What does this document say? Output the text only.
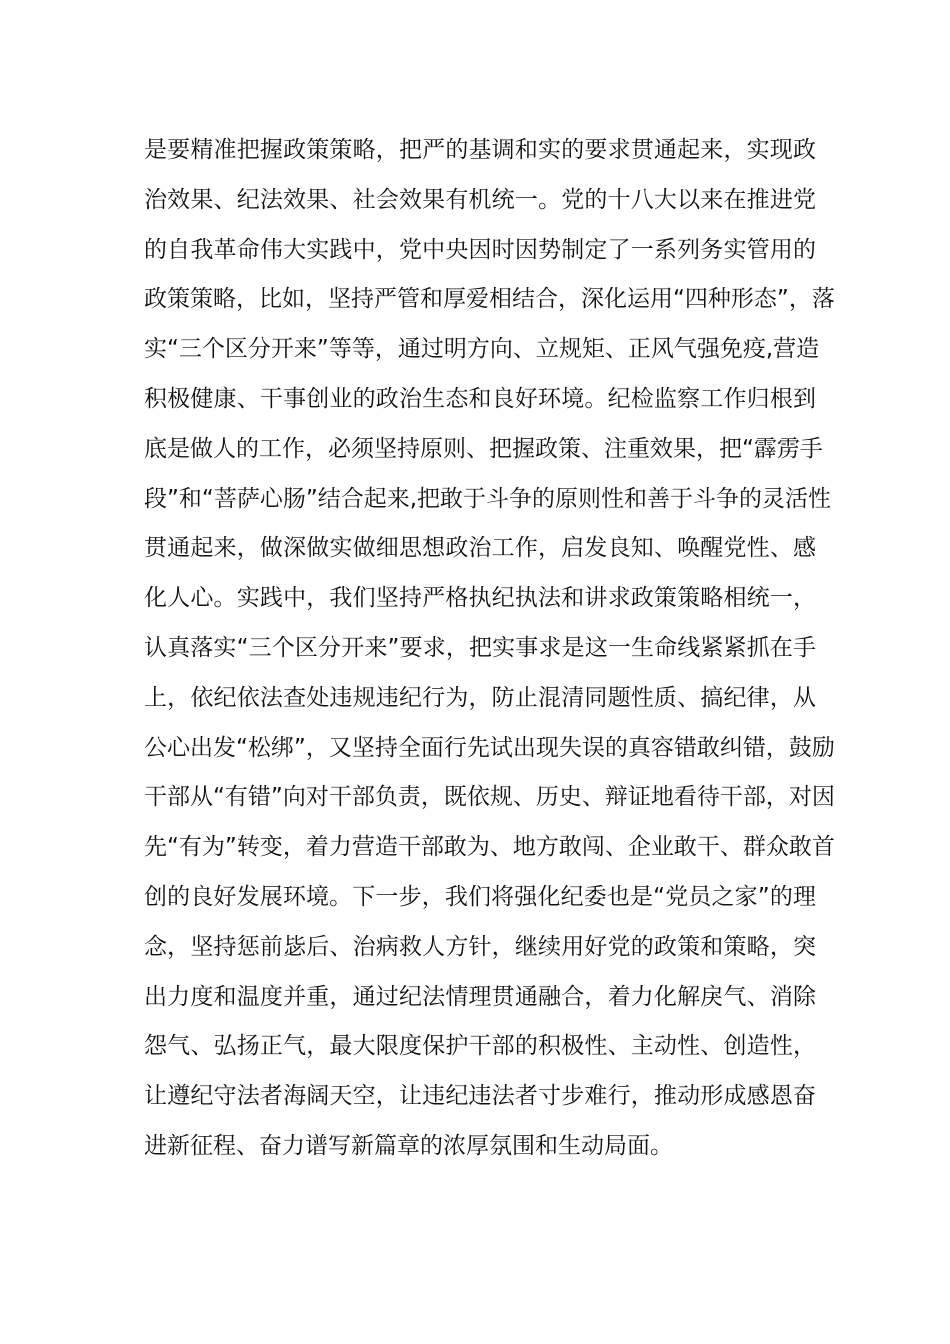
是要精准把握政策策略，把严的基调和实的要求贯通起来，实现政
治效果、纪法效果、社会效果有机统一。党的十八大以来在推进党
的自我革命伟大实践中，党中央因时因势制定了一系列务实管用的
政策策略，比如，坚持严管和厚爱相结合，深化运用“四种形态”，落
实“三个区分开来”等等，通过明方向、立规矩、正风气强免疫,营造
积极健康、干事创业的政治生态和良好环境。纪检监察工作归根到
底是做人的工作，必须坚持原则、把握政策、注重效果，把“霹雳手
段”和“菩萨心肠”结合起来,把敢于斗争的原则性和善于斗争的灵活性
贯通起来，做深做实做细思想政治工作，启发良知、唤醒党性、感
化人心。实践中，我们坚持严格执纪执法和讲求政策策略相统一，
认真落实“三个区分开来”要求，把实事求是这一生命线紧紧抓在手
上，依纪依法查处违规违纪行为，防止混清同题性质、搞纪律，从
公心出发“松绑”，又坚持全面行先试出现失误的真容错敢纠错，鼓励
干部从“有错”向对干部负责，既依规、历史、辩证地看待干部，对因
先“有为”转变，着力营造干部敢为、地方敢闯、企业敢干、群众敢首
创的良好发展环境。下一步，我们将强化纪委也是“党员之家”的理
念，坚持惩前毖后、治病救人方针，继续用好党的政策和策略，突
出力度和温度并重，通过纪法情理贯通融合，着力化解戾气、消除
怨气、弘扬正气，最大限度保护干部的积极性、主动性、创造性，
让遵纪守法者海阔天空，让违纪违法者寸步难行，推动形成感恩奋
进新征程、奋力谱写新篇章的浓厚氛围和生动局面。
